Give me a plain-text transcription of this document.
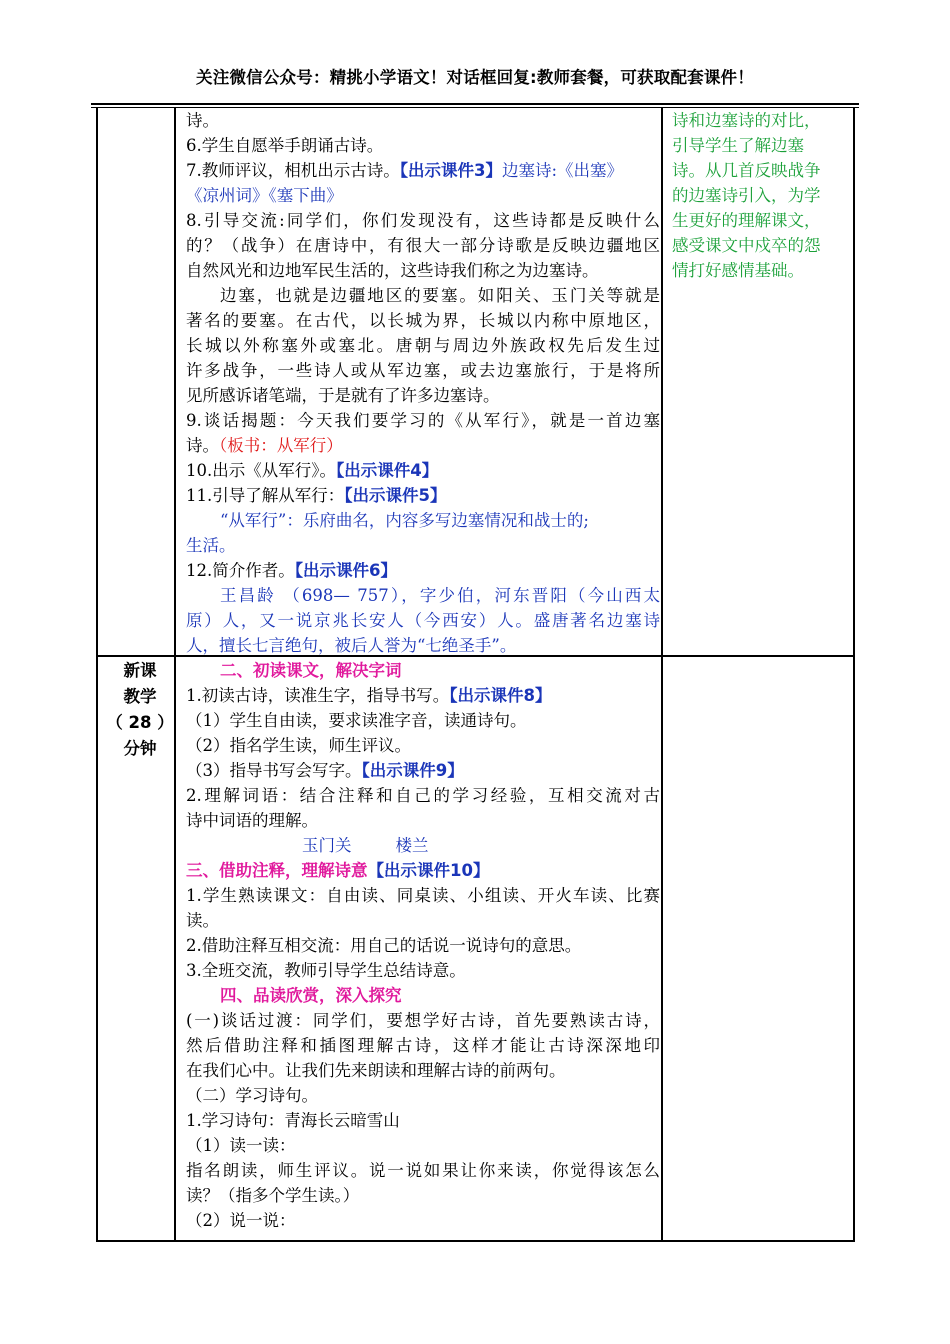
关注微信公众号：精挑小学语文！对话框回复:教师套餐，可获取配套课件！
诗。
6.学生自愿举手朗诵古诗。
7.教师评议，相机出示古诗。【出示课件3】边塞诗:《出塞》
《凉州词》《塞下曲》
8.引导交流:同学们，你们发现没有，这些诗都是反映什么
的？（战争）在唐诗中，有很大一部分诗歌是反映边疆地区
自然风光和边地军民生活的，这些诗我们称之为边塞诗。
边塞，也就是边疆地区的要塞。如阳关、玉门关等就是
著名的要塞。在古代，以长城为界，长城以内称中原地区，
长城以外称塞外或塞北。唐朝与周边外族政权先后发生过
许多战争，一些诗人或从军边塞，或去边塞旅行，于是将所
见所感诉诸笔端，于是就有了许多边塞诗。
9.谈话揭题：今天我们要学习的《从军行》，就是一首边塞
诗。（板书：从军行）
10.出示《从军行》。【出示课件4】
11.引导了解从军行：【出示课件5】
“从军行”：乐府曲名，内容多写边塞情况和战士的;
生活。
12.简介作者。【出示课件6】
王昌龄 （698— 757），字少伯，河东晋阳（今山西太
原）人，又一说京兆长安人（今西安）人。盛唐著名边塞诗
人，擅长七言绝句，被后人誉为“七绝圣手”。
诗和边塞诗的对比，
引导学生了解边塞
诗。从几首反映战争
的边塞诗引入，为学
生更好的理解课文，
感受课文中戍卒的怨
情打好感情基础。
新课
教学
（ 28 ）
分钟
二、初读课文，解决字词
1.初读古诗，读准生字，指导书写。【出示课件8】
（1）学生自由读，要求读准字音，读通诗句。
（2）指名学生读，师生评议。
（3）指导书写会写字。【出示课件9】
2.理解词语：结合注释和自己的学习经验，互相交流对古
诗中词语的理解。
玉门关	楼兰
三、借助注释，理解诗意【出示课件10】
1.学生熟读课文：自由读、同桌读、小组读、开火车读、比赛
读。
2.借助注释互相交流：用自己的话说一说诗句的意思。
3.全班交流，教师引导学生总结诗意。
四、品读欣赏，深入探究
(一)谈话过渡：同学们，要想学好古诗，首先要熟读古诗，
然后借助注释和插图理解古诗，这样才能让古诗深深地印
在我们心中。让我们先来朗读和理解古诗的前两句。
（二）学习诗句。
1.学习诗句：青海长云暗雪山
（1）读一读：
指名朗读，师生评议。说一说如果让你来读，你觉得该怎么
读？（指多个学生读。）
（2）说一说：
